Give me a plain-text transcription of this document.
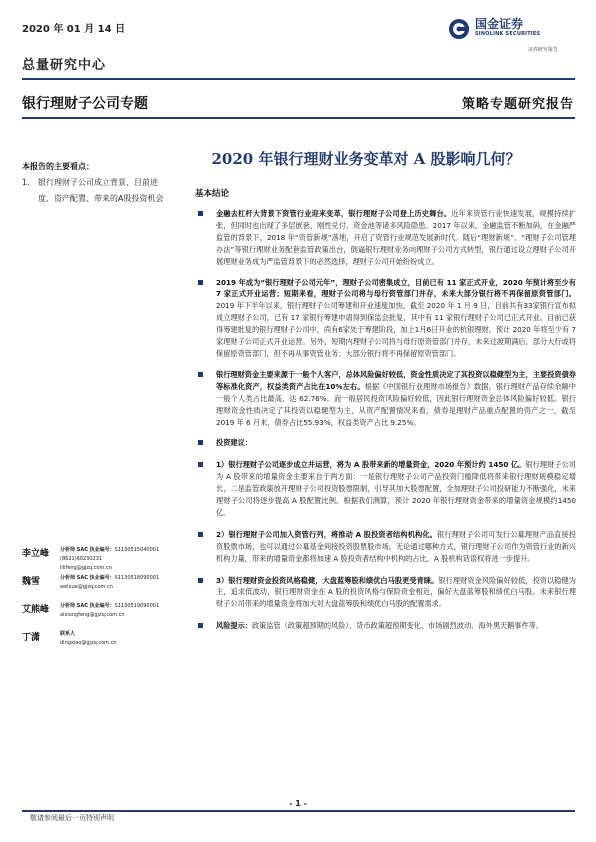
2020 年 01 月 14 日	国金证券
SINOLINK SECURITIES
证券研究报告
总量研究中心
银行理财子公司专题	策略专题研究报告
2020 年银行理财业务变革对 A 股影响几何？
本报告的主要看点：
1.	银行理财子公司成立背景、目前进度、资产配置、带来的A股投资机会
李立峰 分析师 SAC 执业编号：S1130515040001
(8621)60230231
lilifeng@gjzq.com.cn
魏雪	分析师 SAC 执业编号：S1130518090001
weixue@gjzq.com.cn
艾熊峰 分析师 SAC 执业编号：S1130519090001
aixiongfeng@gjzq.com.cn
丁潇	联系人
dingxiao@gjzq.com.cn
基本结论
金融去杠杆大背景下资管行业迎来变革，银行理财子公司登上历史舞台。近年来资管行业快速发展，规模持续扩张，但同时也出现了多层嵌套、刚性兑付、资金池等诸多风险隐患。2017 年以来，金融监管不断加码，在金融严监管的背景下，2018 年“资管新规”落地，开启了资管行业规范发展新时代。随后“理财新规”、“理财子公司管理办法”等银行理财业务配套监管政策出台，倒逼银行理财业务向理财子公司方式转型，银行通过设立理财子公司开展理财业务成为严监管背景下的必然选择，理财子公司开始纷纷成立。
2019 年成为“银行理财子公司元年”，理财子公司密集成立，目前已有 11 家正式开业，2020 年预计将至少有 7 家正式开业运营；短期来看，理财子公司将与母行资管部门并存，未来大部分银行将不再保留原资管部门。2019 年下半年以来，银行理财子公司筹建和开业速度加快，截至 2020 年 1 月 9 日，目前共有33家银行宣布拟成立理财子公司，已有 17 家银行筹建申请得到保监会批复，其中有 11 家银行理财子公司已正式开业。目前已获得筹建批复的银行理财子公司中，尚有6家处于筹建阶段，加上1月6日开业的杭银理财，预计 2020 年将至少有 7 家理财子公司正式开业运营。另外，短期内理财子公司将与母行原资管部门并存，未来过渡期满后，部分大行或将保留原资管部门，但不再从事资管业务；大部分银行将不再保留原资管部门。
银行理财资金主要来源于一般个人客户，总体风险偏好较低，资金性质决定了其投资以稳健型为主，主要投资债券等标准化资产，权益类资产占比在10%左右。根据《中国银行业理财市场报告》数据，银行理财产品存续余额中一般个人类占比最高，达 62.76%。而一般居民投资风险偏好较低，因此银行理财资金总体风险偏好较低。银行理财资金性质决定了其投资以稳健型为主，从资产配置情况来看，债券是理财产品重点配置的资产之一，截至 2019 年 6 月末，债券占比55.93%，权益类资产占比 9.25%。
投资建议：
1）银行理财子公司逐步成立并运营，将为 A 股带来新的增量资金，2020 年预计约 1450 亿。银行理财子公司为 A 股带来的增量资金主要来自于两方面：一是银行理财子公司产品投资门槛降低将带来银行理财规模稳定增长，二是监管政策放开理财子公司投资股票限制，引导其加大股票配置，全加理财子公司投研能力不断强化，未来理财子公司将逐步提高 A 股配置比例。根据我们测算，预计 2020 年银行理财资金带来的增量资金规模约1450亿。
2）银行理财子公司加入资管行列，将推动 A 股投资者结构机构化。银行理财子公司可发行公募理财产品直接投资股票市场，也可以通过公募基金间接投资股票股市场。无论通过哪种方式，银行理财子公司作为资管行业的新兴机构力量，带来的增量资金都将加速 A 股投资者结构中机构的占比，A 股机构话语权将进一步提升。
3）银行理财资金投资风格稳健，大盘蓝筹股和绩优白马股更受青睐。银行理财资金风险偏好较低，投资以稳健为主，追求低波动，银行理财资金在 A 股的投资风格与保险资金相近，偏好大盘蓝筹股和绩优白马股。未来银行理财子公司带来的增量资金将加大对大盘蓝筹股和绩优白马股的配置需求。
风险提示：政策监管（政策超预期的风险）、货币政策超预期变化、市场剧烈波动、海外黑天鹅事件等。
- 1 -
敬请参阅最后一页特别声明
